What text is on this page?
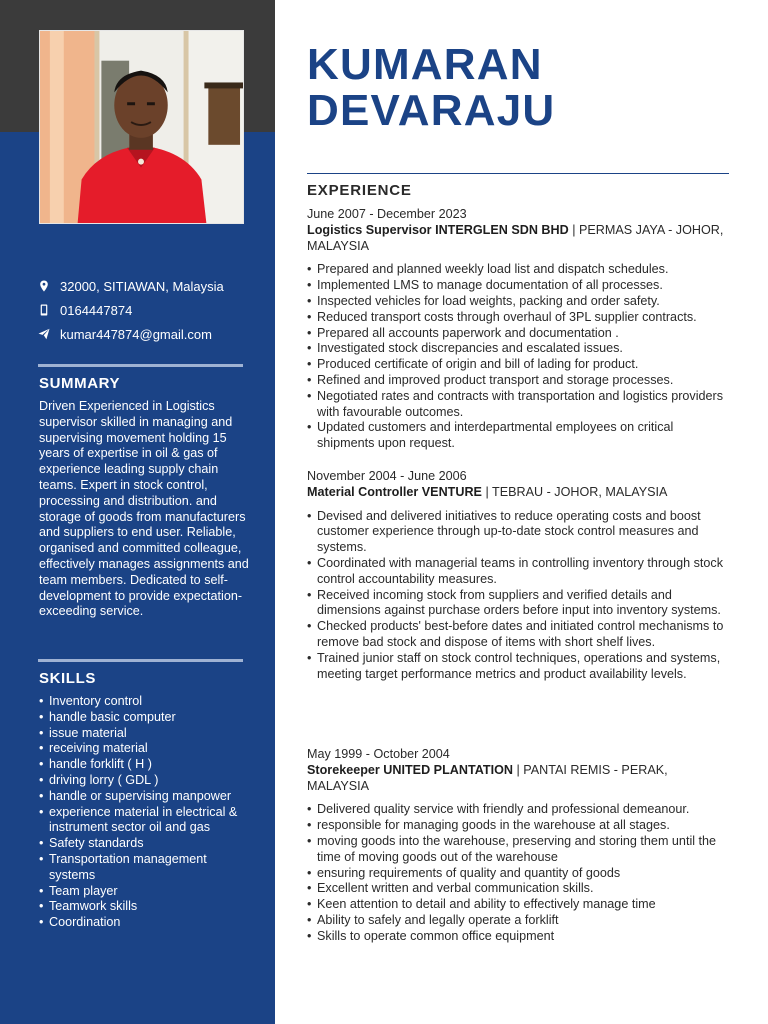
32000, SITIAWAN, Malaysia
0164447874
kumar447874@gmail.com
SUMMARY
Driven Experienced in Logistics supervisor skilled in managing and supervising movement holding 15 years of expertise in oil & gas of experience leading supply chain teams. Expert in stock control, processing and distribution. and storage of goods from manufacturers and suppliers to end user. Reliable, organised and committed colleague, effectively manages assignments and team members. Dedicated to self-development to provide expectation-exceeding service.
SKILLS
• Inventory control
• handle basic computer
• issue material
• receiving material
• handle forklift ( H )
• driving lorry ( GDL )
• handle or supervising manpower
• experience material in electrical & instrument sector oil and gas
• Safety standards
• Transportation management systems
• Team player
• Teamwork skills
• Coordination
KUMARAN
DEVARAJU
EXPERIENCE
June 2007 - December 2023
Logistics Supervisor INTERGLEN SDN BHD | PERMAS JAYA - JOHOR, MALAYSIA
• Prepared and planned weekly load list and dispatch schedules.
• Implemented LMS to manage documentation of all processes.
• Inspected vehicles for load weights, packing and order safety.
• Reduced transport costs through overhaul of 3PL supplier contracts.
• Prepared all accounts paperwork and documentation .
• Investigated stock discrepancies and escalated issues.
• Produced certificate of origin and bill of lading for product.
• Refined and improved product transport and storage processes.
• Negotiated rates and contracts with transportation and logistics providers with favourable outcomes.
• Updated customers and interdepartmental employees on critical shipments upon request.
November 2004 - June 2006
Material Controller VENTURE | TEBRAU - JOHOR, MALAYSIA
• Devised and delivered initiatives to reduce operating costs and boost customer experience through up-to-date stock control measures and systems.
• Coordinated with managerial teams in controlling inventory through stock control accountability measures.
• Received incoming stock from suppliers and verified details and dimensions against purchase orders before input into inventory systems.
• Checked products' best-before dates and initiated control mechanisms to remove bad stock and dispose of items with short shelf lives.
• Trained junior staff on stock control techniques, operations and systems, meeting target performance metrics and product availability levels.
May 1999 - October 2004
Storekeeper UNITED PLANTATION | PANTAI REMIS - PERAK, MALAYSIA
• Delivered quality service with friendly and professional demeanour.
• responsible for managing goods in the warehouse at all stages.
• moving goods into the warehouse, preserving and storing them until the time of moving goods out of the warehouse
• ensuring requirements of quality and quantity of goods
• Excellent written and verbal communication skills.
• Keen attention to detail and ability to effectively manage time
• Ability to safely and legally operate a forklift
• Skills to operate common office equipment
